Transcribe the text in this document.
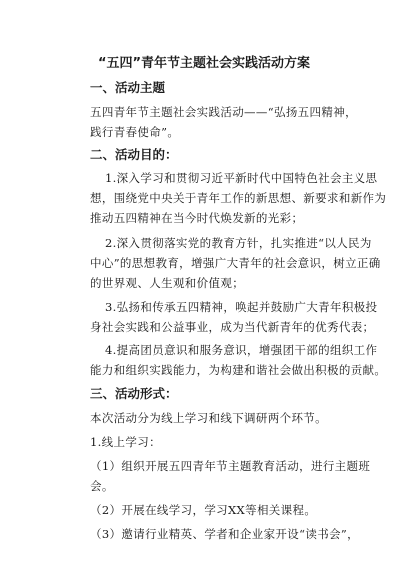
“五四”青年节主题社会实践活动方案
一、活动主题
五四青年节主题社会实践活动——“弘扬五四精神，
践行青春使命”。
二、活动目的：
1.深入学习和贯彻习近平新时代中国特色社会主义思
想，围绕党中央关于青年工作的新思想、新要求和新作为
推动五四精神在当今时代焕发新的光彩；
2.深入贯彻落实党的教育方针，扎实推进“以人民为
中心”的思想教育，增强广大青年的社会意识，树立正确
的世界观、人生观和价值观；
3.弘扬和传承五四精神，唤起并鼓励广大青年积极投
身社会实践和公益事业，成为当代新青年的优秀代表；
4.提高团员意识和服务意识，增强团干部的组织工作
能力和组织实践能力，为构建和谐社会做出积极的贡献。
三、活动形式：
本次活动分为线上学习和线下调研两个环节。
1.线上学习：
（1）组织开展五四青年节主题教育活动，进行主题班
会。
（2）开展在线学习，学习XX等相关课程。
（3）邀请行业精英、学者和企业家开设“读书会”，
